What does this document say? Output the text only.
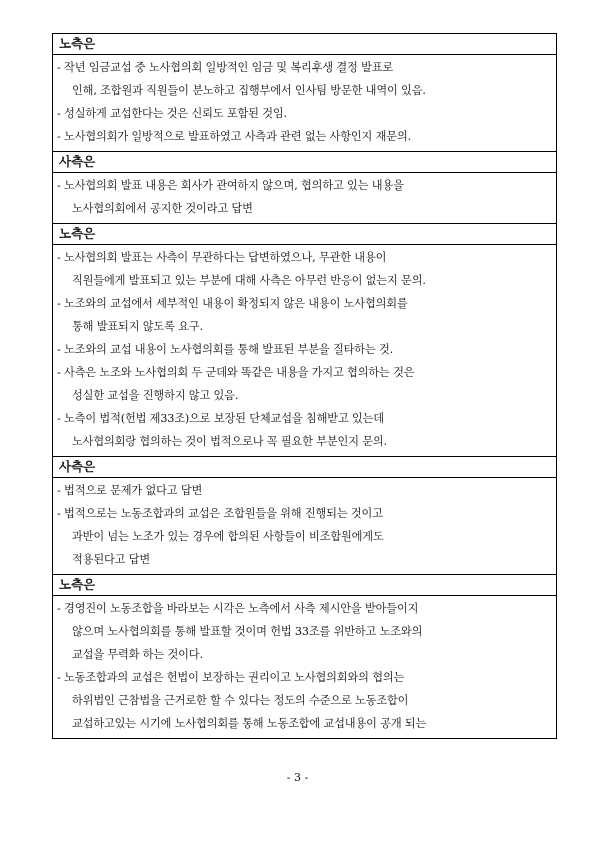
노측은

- 작년 임금교섭 중 노사협의회 일방적인 임금 및 복리후생 결정 발표로
인해, 조합원과 직원들이 분노하고 집행부에서 인사팀 방문한 내역이 있음.
- 성실하게 교섭한다는 것은 신뢰도 포함된 것임.
- 노사협의회가 일방적으로 발표하였고 사측과 관련 없는 사항인지 재문의.

사측은

- 노사협의회 발표 내용은 회사가 관여하지 않으며, 협의하고 있는 내용을
노사협의회에서 공지한 것이라고 답변

노측은

- 노사협의회 발표는 사측이 무관하다는 답변하였으나, 무관한 내용이
직원들에게 발표되고 있는 부분에 대해 사측은 아무런 반응이 없는지 문의.
- 노조와의 교섭에서 세부적인 내용이 확정되지 않은 내용이 노사협의회를
통해 발표되지 않도록 요구.
- 노조와의 교섭 내용이 노사협의회를 통해 발표된 부분을 질타하는 것.
- 사측은 노조와 노사협의회 두 군데와 똑같은 내용을 가지고 협의하는 것은
성실한 교섭을 진행하지 않고 있음.
- 노측이 법적(헌법 제33조)으로 보장된 단체교섭을 침해받고 있는데
노사협의회랑 협의하는 것이 법적으로나 꼭 필요한 부분인지 문의.

사측은

- 법적으로 문제가 없다고 답변
- 법적으로는 노동조합과의 교섭은 조합원들을 위해 진행되는 것이고
과반이 넘는 노조가 있는 경우에 합의된 사항들이 비조합원에게도
적용된다고 답변

노측은

- 경영진이 노동조합을 바라보는 시각은 노측에서 사측 제시안을 받아들이지
않으며 노사협의회를 통해 발표할 것이며 헌법 33조를 위반하고 노조와의
교섭을 무력화 하는 것이다.
- 노동조합과의 교섭은 헌법이 보장하는 권리이고 노사협의회와의 협의는
하위법인 근참법을 근거로한 할 수 있다는 정도의 수준으로 노동조합이
교섭하고있는 시기에 노사협의회를 통해 노동조합에 교섭내용이 공개 되는
- 3 -
